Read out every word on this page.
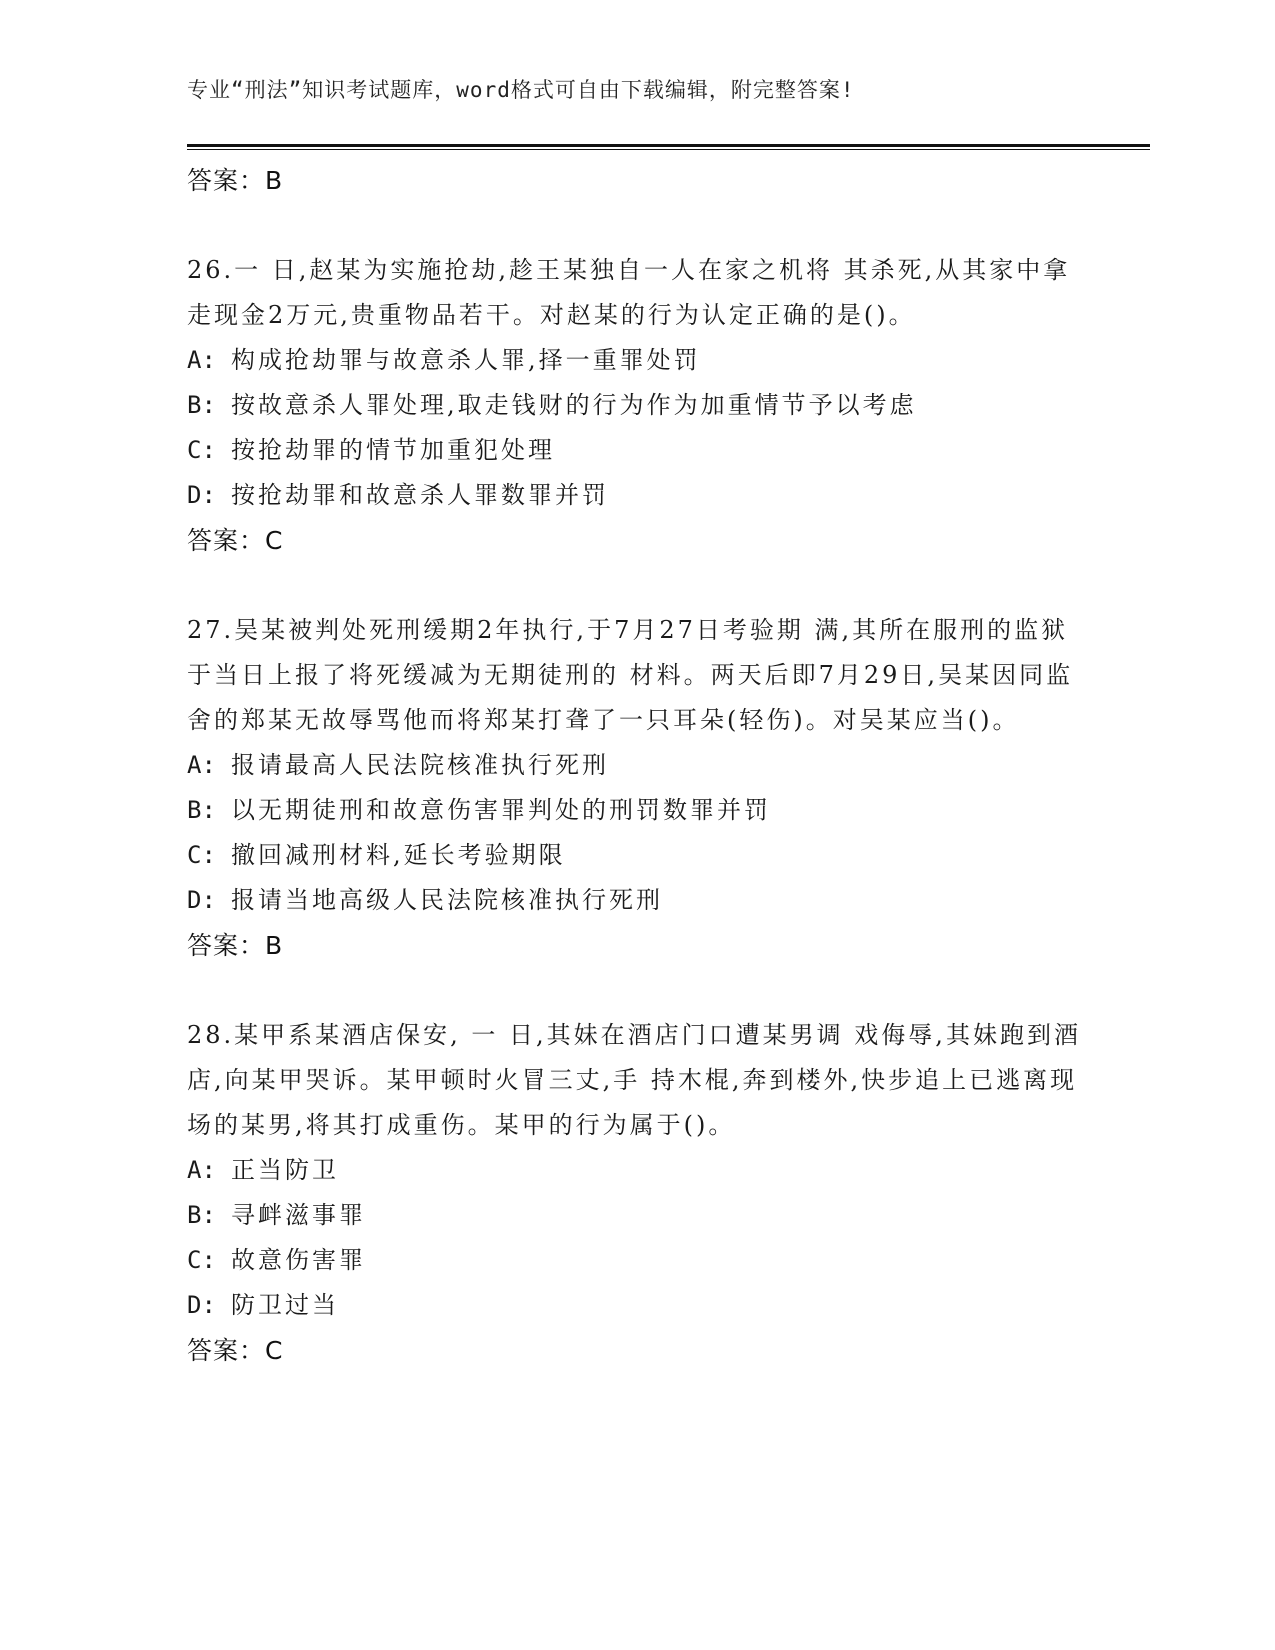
专业“刑法”知识考试题库，word格式可自由下载编辑，附完整答案!
答案：B
26.一 日,赵某为实施抢劫,趁王某独自一人在家之机将 其杀死,从其家中拿走现金2万元,贵重物品若干。对赵某的行为认定正确的是()。
A: 构成抢劫罪与故意杀人罪,择一重罪处罚
B: 按故意杀人罪处理,取走钱财的行为作为加重情节予以考虑
C: 按抢劫罪的情节加重犯处理
D: 按抢劫罪和故意杀人罪数罪并罚
答案：C
27.吴某被判处死刑缓期2年执行,于7月27日考验期 满,其所在服刑的监狱于当日上报了将死缓减为无期徒刑的 材料。两天后即7月29日,吴某因同监舍的郑某无故辱骂他而将郑某打聋了一只耳朵(轻伤)。对吴某应当()。
A: 报请最高人民法院核准执行死刑
B: 以无期徒刑和故意伤害罪判处的刑罚数罪并罚
C: 撤回减刑材料,延长考验期限
D: 报请当地高级人民法院核准执行死刑
答案：B
28.某甲系某酒店保安, 一 日,其妹在酒店门口遭某男调 戏侮辱,其妹跑到酒店,向某甲哭诉。某甲顿时火冒三丈,手 持木棍,奔到楼外,快步追上已逃离现场的某男,将其打成重伤。某甲的行为属于()。
A: 正当防卫
B: 寻衅滋事罪
C: 故意伤害罪
D: 防卫过当
答案：C
